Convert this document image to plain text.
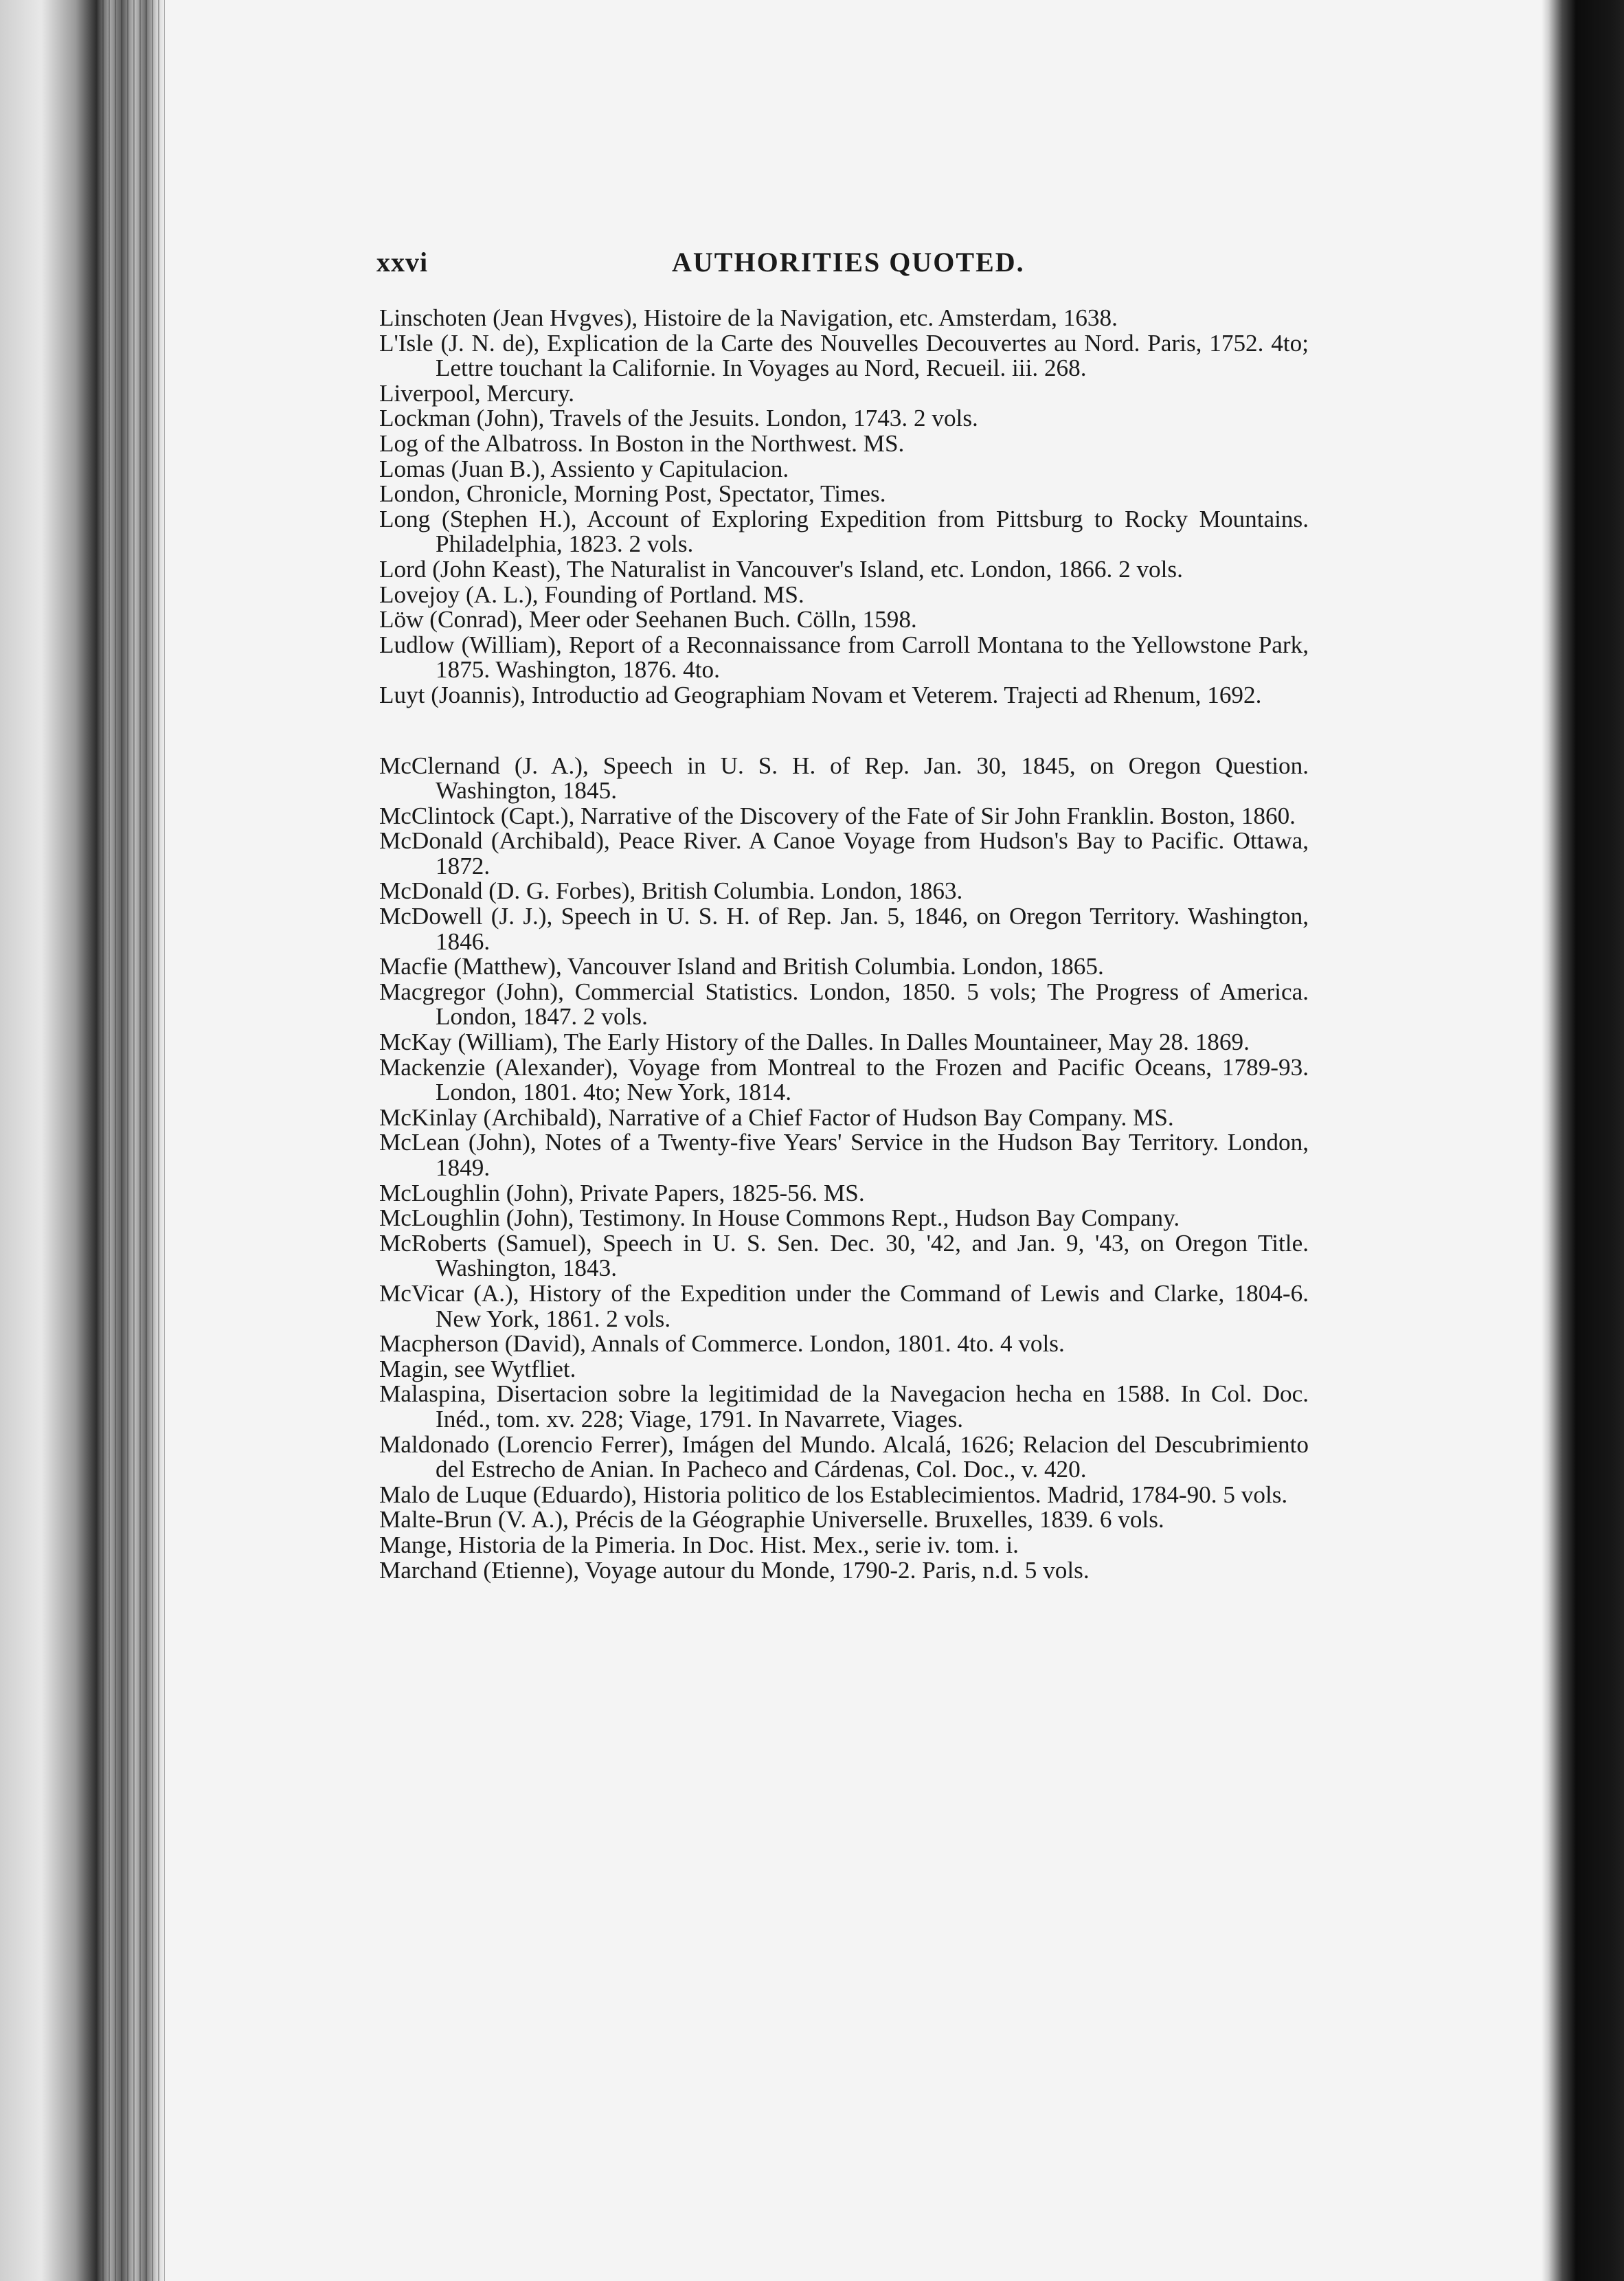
xxvi	AUTHORITIES QUOTED.
Linschoten (Jean Hvgves), Histoire de la Navigation, etc. Amsterdam, 1638.
L'Isle (J. N. de), Explication de la Carte des Nouvelles Decouvertes au Nord. Paris, 1752. 4to; Lettre touchant la Californie. In Voyages au Nord, Recueil. iii. 268.
Liverpool, Mercury.
Lockman (John), Travels of the Jesuits. London, 1743. 2 vols.
Log of the Albatross. In Boston in the Northwest. MS.
Lomas (Juan B.), Assiento y Capitulacion.
London, Chronicle, Morning Post, Spectator, Times.
Long (Stephen H.), Account of Exploring Expedition from Pittsburg to Rocky Mountains. Philadelphia, 1823. 2 vols.
Lord (John Keast), The Naturalist in Vancouver's Island, etc. London, 1866. 2 vols.
Lovejoy (A. L.), Founding of Portland. MS.
Löw (Conrad), Meer oder Seehanen Buch. Cölln, 1598.
Ludlow (William), Report of a Reconnaissance from Carroll Montana to the Yellowstone Park, 1875. Washington, 1876. 4to.
Luyt (Joannis), Introductio ad Geographiam Novam et Veterem. Trajecti ad Rhenum, 1692.
McClernand (J. A.), Speech in U. S. H. of Rep. Jan. 30, 1845, on Oregon Question. Washington, 1845.
McClintock (Capt.), Narrative of the Discovery of the Fate of Sir John Franklin. Boston, 1860.
McDonald (Archibald), Peace River. A Canoe Voyage from Hudson's Bay to Pacific. Ottawa, 1872.
McDonald (D. G. Forbes), British Columbia. London, 1863.
McDowell (J. J.), Speech in U. S. H. of Rep. Jan. 5, 1846, on Oregon Territory. Washington, 1846.
Macfie (Matthew), Vancouver Island and British Columbia. London, 1865.
Macgregor (John), Commercial Statistics. London, 1850. 5 vols; The Progress of America. London, 1847. 2 vols.
McKay (William), The Early History of the Dalles. In Dalles Mountaineer, May 28. 1869.
Mackenzie (Alexander), Voyage from Montreal to the Frozen and Pacific Oceans, 1789-93. London, 1801. 4to; New York, 1814.
McKinlay (Archibald), Narrative of a Chief Factor of Hudson Bay Company. MS.
McLean (John), Notes of a Twenty-five Years' Service in the Hudson Bay Territory. London, 1849.
McLoughlin (John), Private Papers, 1825-56. MS.
McLoughlin (John), Testimony. In House Commons Rept., Hudson Bay Company.
McRoberts (Samuel), Speech in U. S. Sen. Dec. 30, '42, and Jan. 9, '43, on Oregon Title. Washington, 1843.
McVicar (A.), History of the Expedition under the Command of Lewis and Clarke, 1804-6. New York, 1861. 2 vols.
Macpherson (David), Annals of Commerce. London, 1801. 4to. 4 vols.
Magin, see Wytfliet.
Malaspina, Disertacion sobre la legitimidad de la Navegacion hecha en 1588. In Col. Doc. Inéd., tom. xv. 228; Viage, 1791. In Navarrete, Viages.
Maldonado (Lorencio Ferrer), Imágen del Mundo. Alcalá, 1626; Relacion del Descubrimiento del Estrecho de Anian. In Pacheco and Cárdenas, Col. Doc., v. 420.
Malo de Luque (Eduardo), Historia politico de los Establecimientos. Madrid, 1784-90. 5 vols.
Malte-Brun (V. A.), Précis de la Géographie Universelle. Bruxelles, 1839. 6 vols.
Mange, Historia de la Pimeria. In Doc. Hist. Mex., serie iv. tom. i.
Marchand (Etienne), Voyage autour du Monde, 1790-2. Paris, n.d. 5 vols.
